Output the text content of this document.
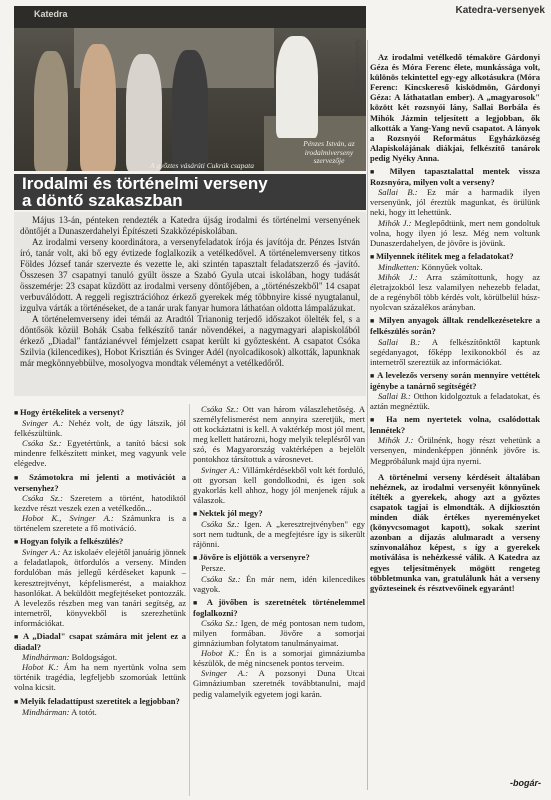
Katedra-versenyek
Katedra
A győztes vásárúti Cukrúk csapata
Pénzes István, az irodalmiverseny szervezője
Fotók: Lacza Gergely
Irodalmi és történelmi verseny
a döntő szakaszban

Május 13-án, pénteken rendezték a Katedra újság irodalmi és történelmi versenyének döntőjét a Dunaszerdahelyi Építészeti Szakközépiskolában.

Az irodalmi verseny koordinátora, a versenyfeladatok írója és javítója dr. Pénzes István író, tanár volt, aki bő egy évtizede foglalkozik a vetélkedővel. A történelemverseny titkos Földes József tanár szervezte és vezette le, aki szintén tapasztalt feladatszerző és -javító. Összesen 37 csapatnyi tanuló gyűlt össze a Szabó Gyula utcai iskolában, hogy tudását összemérje: 23 csapat küzdött az irodalmi verseny döntőjében, a „történészekből" 14 csapat verbuválódott. A reggeli regisztrációhoz érkező gyerekek még többnyire kissé nyugtalanul, izgulva várták a történéseket, de a tanár urak fanyar humora láthatóan oldotta lámpalázukat.

A történelemverseny idei témái az Aradtól Trianonig terjedő időszakot ölelték fel, s a döntősök közül Bohák Csaba felkészítő tanár növendékei, a nagymagyari alapiskolából érkező „Diadal" fantázianévvel fémjelzett csapat került ki győztesként. A csapatot Csóka Szilvia (kilencedikes), Hobot Krisztián és Svinger Adél (nyolcadikosok) alkották, lapunknak már megkönnyebbülve, mosolyogva mondtak véleményt a vetélkedőről.

■ Hogy értékelitek a versenyt?

Svinger A.: Nehéz volt, de úgy látszik, jól felkészültünk.

Csóka Sz.: Egyetértünk, a tanító bácsi sok mindenre felkészített minket, meg vagyunk vele elégedve.

■ Számotokra mi jelenti a motivációt a versenyhez?

Csóka Sz.: Szeretem a történt, hatodiktól kezdve részt veszek ezen a vetélkedőn...

Hobot K., Svinger A.: Számunkra is a történelem szeretete a fő motiváció.

■ Hogyan folyik a felkészülés?

Svinger A.: Az iskolaév elejétől januárig jönnek a feladatlapok, ötfordulós a verseny. Minden fordulóban más jellegű kérdéseket kapunk – keresztrejtvényt, képfelismerést, a maiakhoz hasonlókat. A beküldött megfejtéseket pontozzák. A levelezős részben meg van tanári segítség, az internetről, könyvekből is szerezhetünk információkat.

■ A „Diadal" csapat számára mit jelent ez a diadal?

Mindhárman: Boldogságot.

Hobot K.: Ám ha nem nyertünk volna sem történik tragédia, legfeljebb szomorúak lettünk volna kicsit.

■ Melyik feladattípust szeretitek a legjobban?

Mindhárman: A totót.

Csóka Sz.: Ott van három válaszlehetőség. A személyfelismerést nem annyira szeretjük, mert ott kockáztatni is kell. A vaktérkép most jól ment, meg kellett határozni, hogy melyik teleplésről van szó, és Magyarország vaktérképen a bejelölt pontokhoz társítottuk a városnevet.

Svinger A.: Villámkérdésekből volt két forduló, ott gyorsan kell gondolkodni, és igen sok gyakorlás kell ahhoz, hogy jól menjenek rájuk a válaszok.

■ Nektek jól megy?

Csóka Sz.: Igen. A „keresztrejtvényben" egy sort nem tudtunk, de a megfejtésre így is sikerült rájönni.

■ Jövőre is eljöttök a versenyre?

Persze.

Csóka Sz.: Én már nem, idén kilencedikes vagyok.

■ A jövőben is szeretnétek történelemmel foglalkozni?

Csóka Sz.: Igen, de még pontosan nem tudom, milyen formában. Jövőre a somorjai gimnáziumban folytatom tanulmányaimat.

Hobot K.: Én is a somorjai gimnáziumba készülök, de még nincsenek pontos terveim.

Svinger A.: A pozsonyi Duna Utcai Gimnáziumban szeretnék továbbtanulni, majd pedig valamelyik egyetem jogi karán.

Az irodalmi vetélkedő témaköre Gárdonyi Géza és Móra Ferenc élete, munkássága volt, különös tekintettel egy-egy alkotásukra (Móra Ferenc: Kincskereső kisködmön, Gárdonyi Géza: A láthatatlan ember). A „magyarosok" között két rozsnyói lány, Sallai Borbála és Mihók Jázmin teljesített a legjobban, ők alkották a Yang-Yang nevű csapatot. A lányok a Rozsnyói Református Egyházközség Alapiskolájának diákjai, felkészítő tanárok pedig Nyéky Anna.

■ Milyen tapasztalattal mentek vissza Rozsnyóra, milyen volt a verseny?

Sallai B.: Ez már a harmadik ilyen versenyünk, jól éreztük magunkat, és örülünk neki, hogy itt lehettünk.

Mihók J.: Meglepődtünk, mert nem gondoltuk volna, hogy ilyen jó lesz. Még nem voltunk Dunaszerdahelyen, de jövőre is jövünk.

■ Milyennek ítélitek meg a feladatokat?

Mindketten: Könnyűek voltak.

Mihók J.: Arra számítottunk, hogy az életrajzokból lesz valamilyen nehezebb feladat, de a regényből több kérdés volt, körülbelül húsz-nyolcvan százalékos arányban.

■ Milyen anyagok álltak rendelkezésetekre a felkészülés során?

Sallai B.: A felkészítőnktől kaptunk segédanyagot, főképp lexikonokból és az internetről szereztük az információkat.

■ A levelezős verseny során mennyire vettétek igénybe a tanárnő segítségét?

Sallai B.: Otthon kidolgoztuk a feladatokat, és aztán megnéztük.

■ Ha nem nyertetek volna, csalódottak lennétek?

Mihók J.: Örülnénk, hogy részt vehetünk a versenyen, mindenképpen jönnénk jövőre is. Megpróbálunk majd újra nyerni.

A történelmi verseny kérdéseit általában nehéznek, az irodalmi versenyéit könnyűnek ítélték a gyerekek, ahogy azt a győztes csapatok tagjai is elmondták. A díjkiosztón minden diák értékes nyereményeket (könyvcsomagot kapott), sokak szerint azonban a díjazás alulmaradt a verseny színvonalához képest, s így a gyerekek motiválása is nehézkessé válik. A Katedra az egyes teljesítmények mögött rengeteg többletmunka van, gratulálunk hát a verseny győzteseinek és résztvevőinek egyaránt!

-bogár-
